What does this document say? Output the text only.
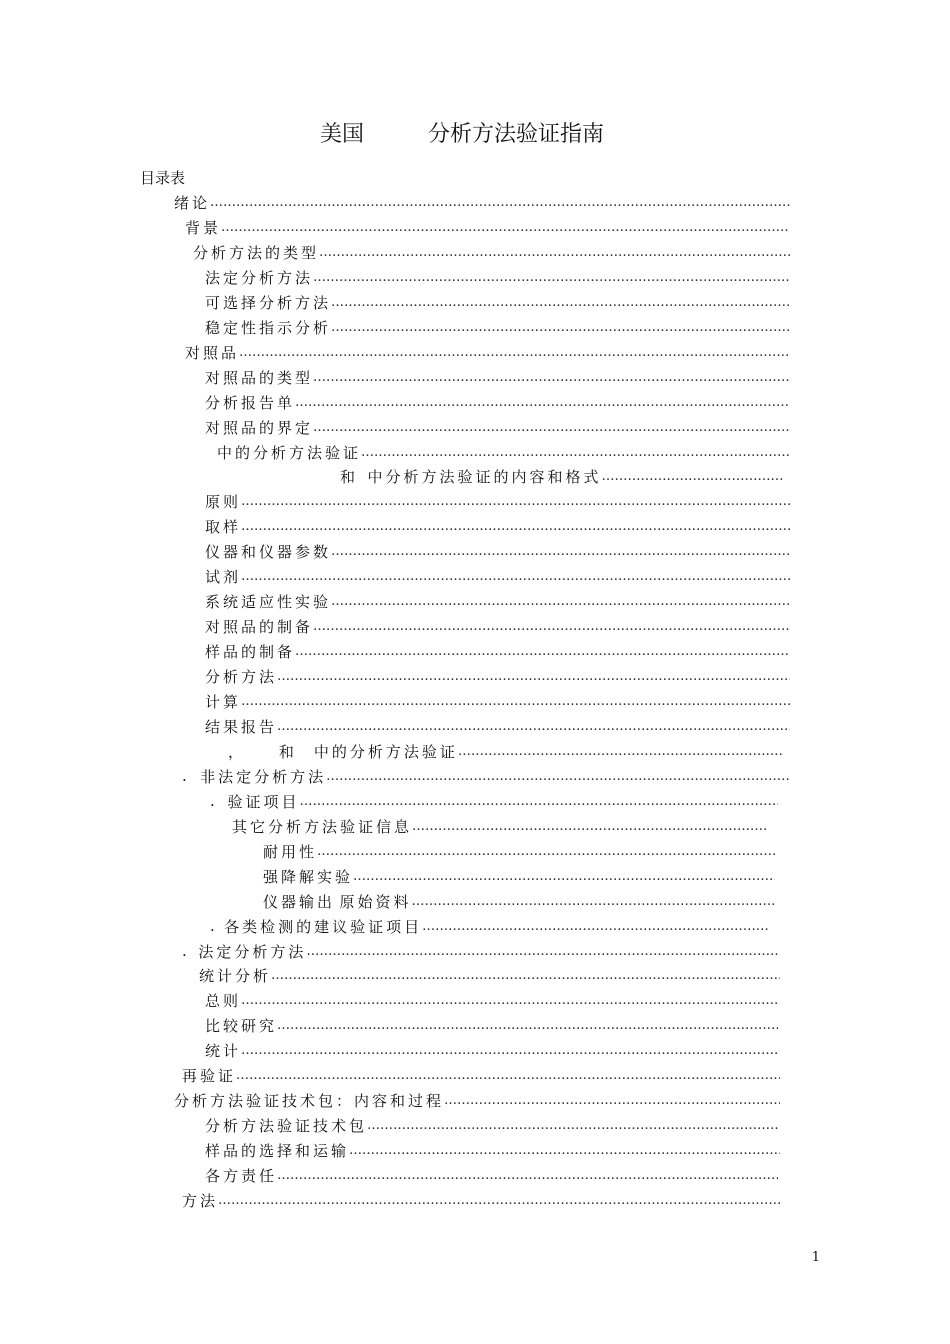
美国	分析方法验证指南
目录表
绪论
…………………………………………………………………………………………………………………………………………………………………………………………………………
背景
…………………………………………………………………………………………………………………………………………………………………………………………………………
分析方法的类型
…………………………………………………………………………………………………………………………………………………………………………………………………………
法定分析方法
…………………………………………………………………………………………………………………………………………………………………………………………………………
可选择分析方法
…………………………………………………………………………………………………………………………………………………………………………………………………………
稳定性指示分析
…………………………………………………………………………………………………………………………………………………………………………………………………………
对照品
…………………………………………………………………………………………………………………………………………………………………………………………………………
对照品的类型
…………………………………………………………………………………………………………………………………………………………………………………………………………
分析报告单
…………………………………………………………………………………………………………………………………………………………………………………………………………
对照品的界定
…………………………………………………………………………………………………………………………………………………………………………………………………………
中的分析方法验证
…………………………………………………………………………………………………………………………………………………………………………………………………………
和 中分析方法验证的内容和格式
…………………………………………………………………………………………………………………………………………………………………………………………………………
原则
…………………………………………………………………………………………………………………………………………………………………………………………………………
取样
…………………………………………………………………………………………………………………………………………………………………………………………………………
仪器和仪器参数
…………………………………………………………………………………………………………………………………………………………………………………………………………
试剂
…………………………………………………………………………………………………………………………………………………………………………………………………………
系统适应性实验
…………………………………………………………………………………………………………………………………………………………………………………………………………
对照品的制备
…………………………………………………………………………………………………………………………………………………………………………………………………………
样品的制备
…………………………………………………………………………………………………………………………………………………………………………………………………………
分析方法
…………………………………………………………………………………………………………………………………………………………………………………………………………
计算
…………………………………………………………………………………………………………………………………………………………………………………………………………
结果报告
…………………………………………………………………………………………………………………………………………………………………………………………………………
， 和 中的分析方法验证
…………………………………………………………………………………………………………………………………………………………………………………………………………
. 非法定分析方法
…………………………………………………………………………………………………………………………………………………………………………………………………………
. 验证项目
…………………………………………………………………………………………………………………………………………………………………………………………………………
其它分析方法验证信息
…………………………………………………………………………………………………………………………………………………………………………………………………………
耐用性
…………………………………………………………………………………………………………………………………………………………………………………………………………
强降解实验
…………………………………………………………………………………………………………………………………………………………………………………………………………
仪器输出 原始资料
…………………………………………………………………………………………………………………………………………………………………………………………………………
. 各类检测的建议验证项目
…………………………………………………………………………………………………………………………………………………………………………………………………………
. 法定分析方法
…………………………………………………………………………………………………………………………………………………………………………………………………………
统计分析
…………………………………………………………………………………………………………………………………………………………………………………………………………
总则
…………………………………………………………………………………………………………………………………………………………………………………………………………
比较研究
…………………………………………………………………………………………………………………………………………………………………………………………………………
统计
…………………………………………………………………………………………………………………………………………………………………………………………………………
再验证
…………………………………………………………………………………………………………………………………………………………………………………………………………
分析方法验证技术包：内容和过程
…………………………………………………………………………………………………………………………………………………………………………………………………………
分析方法验证技术包
…………………………………………………………………………………………………………………………………………………………………………………………………………
样品的选择和运输
…………………………………………………………………………………………………………………………………………………………………………………………………………
各方责任
…………………………………………………………………………………………………………………………………………………………………………………………………………
方法
…………………………………………………………………………………………………………………………………………………………………………………………………………
1
